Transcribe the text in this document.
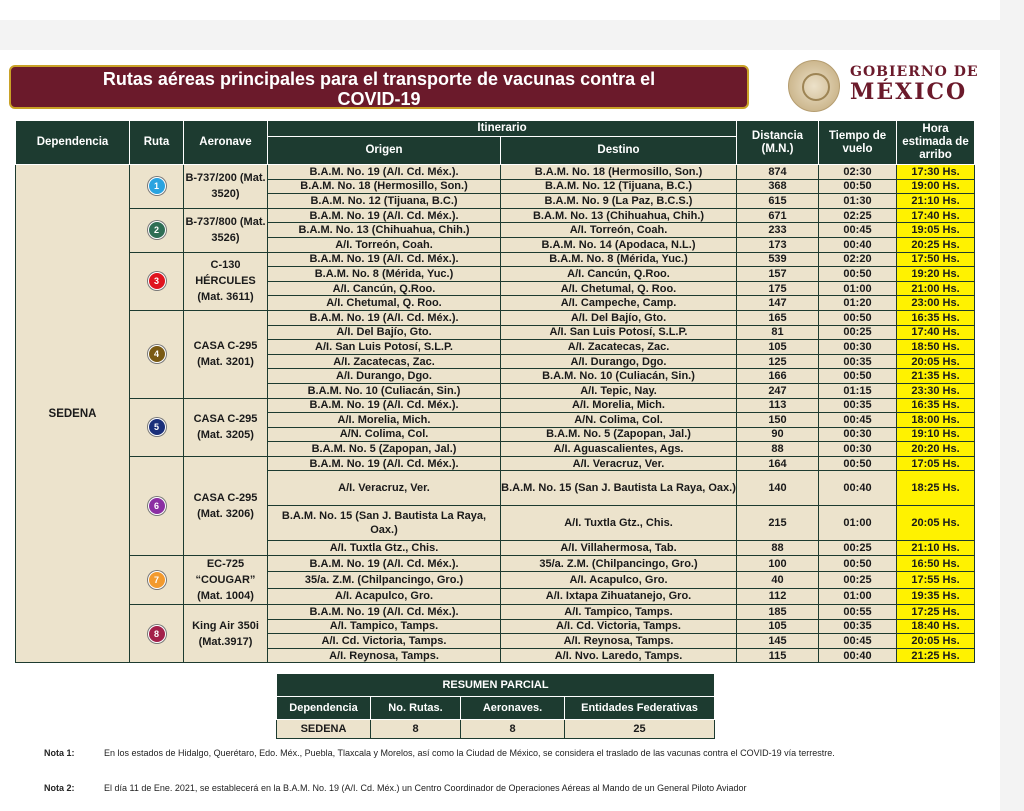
Rutas aéreas principales para el transporte de vacunas contra el
COVID-19
GOBIERNO DE
MÉXICO
Dependencia	Ruta	Aeronave	Itinerario		Distancia (M.N.)	Tiempo de vuelo	Hora estimada de arribo
			Origen	Destino			
SEDENA	1	B-737/200 (Mat. 3520)	B.A.M. No. 19 (A/I. Cd. Méx.).	B.A.M. No. 18 (Hermosillo, Son.)	874	02:30	17:30 Hs.
			B.A.M. No. 18 (Hermosillo, Son.)	B.A.M. No. 12 (Tijuana, B.C.)	368	00:50	19:00 Hs.
			B.A.M. No. 12 (Tijuana, B.C.)	B.A.M. No. 9 (La Paz, B.C.S.)	615	01:30	21:10 Hs.
	2	B-737/800 (Mat. 3526)	B.A.M. No. 19 (A/I. Cd. Méx.).	B.A.M. No. 13 (Chihuahua, Chih.)	671	02:25	17:40 Hs.
			B.A.M. No. 13 (Chihuahua, Chih.)	A/I. Torreón, Coah.	233	00:45	19:05 Hs.
			A/I. Torreón, Coah.	B.A.M. No. 14 (Apodaca, N.L.)	173	00:40	20:25 Hs.
	3	C-130 HÉRCULES (Mat. 3611)	B.A.M. No. 19 (A/I. Cd. Méx.).	B.A.M. No. 8 (Mérida, Yuc.)	539	02:20	17:50 Hs.
			B.A.M. No. 8 (Mérida, Yuc.)	A/I. Cancún, Q.Roo.	157	00:50	19:20 Hs.
			A/I. Cancún, Q.Roo.	A/I. Chetumal, Q. Roo.	175	01:00	21:00 Hs.
			A/I. Chetumal, Q. Roo.	A/I. Campeche, Camp.	147	01:20	23:00 Hs.
	4	CASA C-295 (Mat. 3201)	B.A.M. No. 19 (A/I. Cd. Méx.).	A/I. Del Bajío, Gto.	165	00:50	16:35 Hs.
			A/I. Del Bajío, Gto.	A/I. San Luis Potosí, S.L.P.	81	00:25	17:40 Hs.
			A/I. San Luis Potosí, S.L.P.	A/I. Zacatecas, Zac.	105	00:30	18:50 Hs.
			A/I. Zacatecas, Zac.	A/I. Durango, Dgo.	125	00:35	20:05 Hs.
			A/I. Durango, Dgo.	B.A.M. No. 10 (Culiacán, Sin.)	166	00:50	21:35 Hs.
			B.A.M. No. 10 (Culiacán, Sin.)	A/I. Tepic, Nay.	247	01:15	23:30 Hs.
	5	CASA C-295 (Mat. 3205)	B.A.M. No. 19 (A/I. Cd. Méx.).	A/I. Morelia, Mich.	113	00:35	16:35 Hs.
			A/I. Morelia, Mich.	A/N. Colima, Col.	150	00:45	18:00 Hs.
			A/N. Colima, Col.	B.A.M. No. 5 (Zapopan, Jal.)	90	00:30	19:10 Hs.
			B.A.M. No. 5 (Zapopan, Jal.)	A/I. Aguascalientes, Ags.	88	00:30	20:20 Hs.
	6	CASA C-295 (Mat. 3206)	B.A.M. No. 19 (A/I. Cd. Méx.).	A/I. Veracruz, Ver.	164	00:50	17:05 Hs.
			A/I. Veracruz, Ver.	B.A.M. No. 15 (San J. Bautista La Raya, Oax.)	140	00:40	18:25 Hs.
			B.A.M. No. 15 (San J. Bautista La Raya, Oax.)	A/I. Tuxtla Gtz., Chis.	215	01:00	20:05 Hs.
			A/I. Tuxtla Gtz., Chis.	A/I. Villahermosa, Tab.	88	00:25	21:10 Hs.
	7	EC-725 “COUGAR” (Mat. 1004)	B.A.M. No. 19 (A/I. Cd. Méx.).	35/a. Z.M. (Chilpancingo, Gro.)	100	00:50	16:50 Hs.
			35/a. Z.M. (Chilpancingo, Gro.)	A/I. Acapulco, Gro.	40	00:25	17:55 Hs.
			A/I. Acapulco, Gro.	A/I. Ixtapa Zihuatanejo, Gro.	112	01:00	19:35 Hs.
	8	King Air 350i (Mat.3917)	B.A.M. No. 19 (A/I. Cd. Méx.).	A/I. Tampico, Tamps.	185	00:55	17:25 Hs.
			A/I. Tampico, Tamps.	A/I. Cd. Victoria, Tamps.	105	00:35	18:40 Hs.
			A/I. Cd. Victoria, Tamps.	A/I. Reynosa, Tamps.	145	00:45	20:05 Hs.
			A/I. Reynosa, Tamps.	A/I. Nvo. Laredo, Tamps.	115	00:40	21:25 Hs.
RESUMEN PARCIAL			
Dependencia	No. Rutas.	Aeronaves.	Entidades Federativas
SEDENA	8	8	25
Nota 1:	En los estados de Hidalgo, Querétaro, Edo. Méx., Puebla, Tlaxcala y Morelos, así como la Ciudad de México, se considera el traslado de las vacunas contra el COVID-19 vía terrestre.
Nota 2:	El día 11 de Ene. 2021, se establecerá en la B.A.M. No. 19 (A/I. Cd. Méx.) un Centro Coordinador de Operaciones Aéreas al Mando de un General Piloto Aviador
